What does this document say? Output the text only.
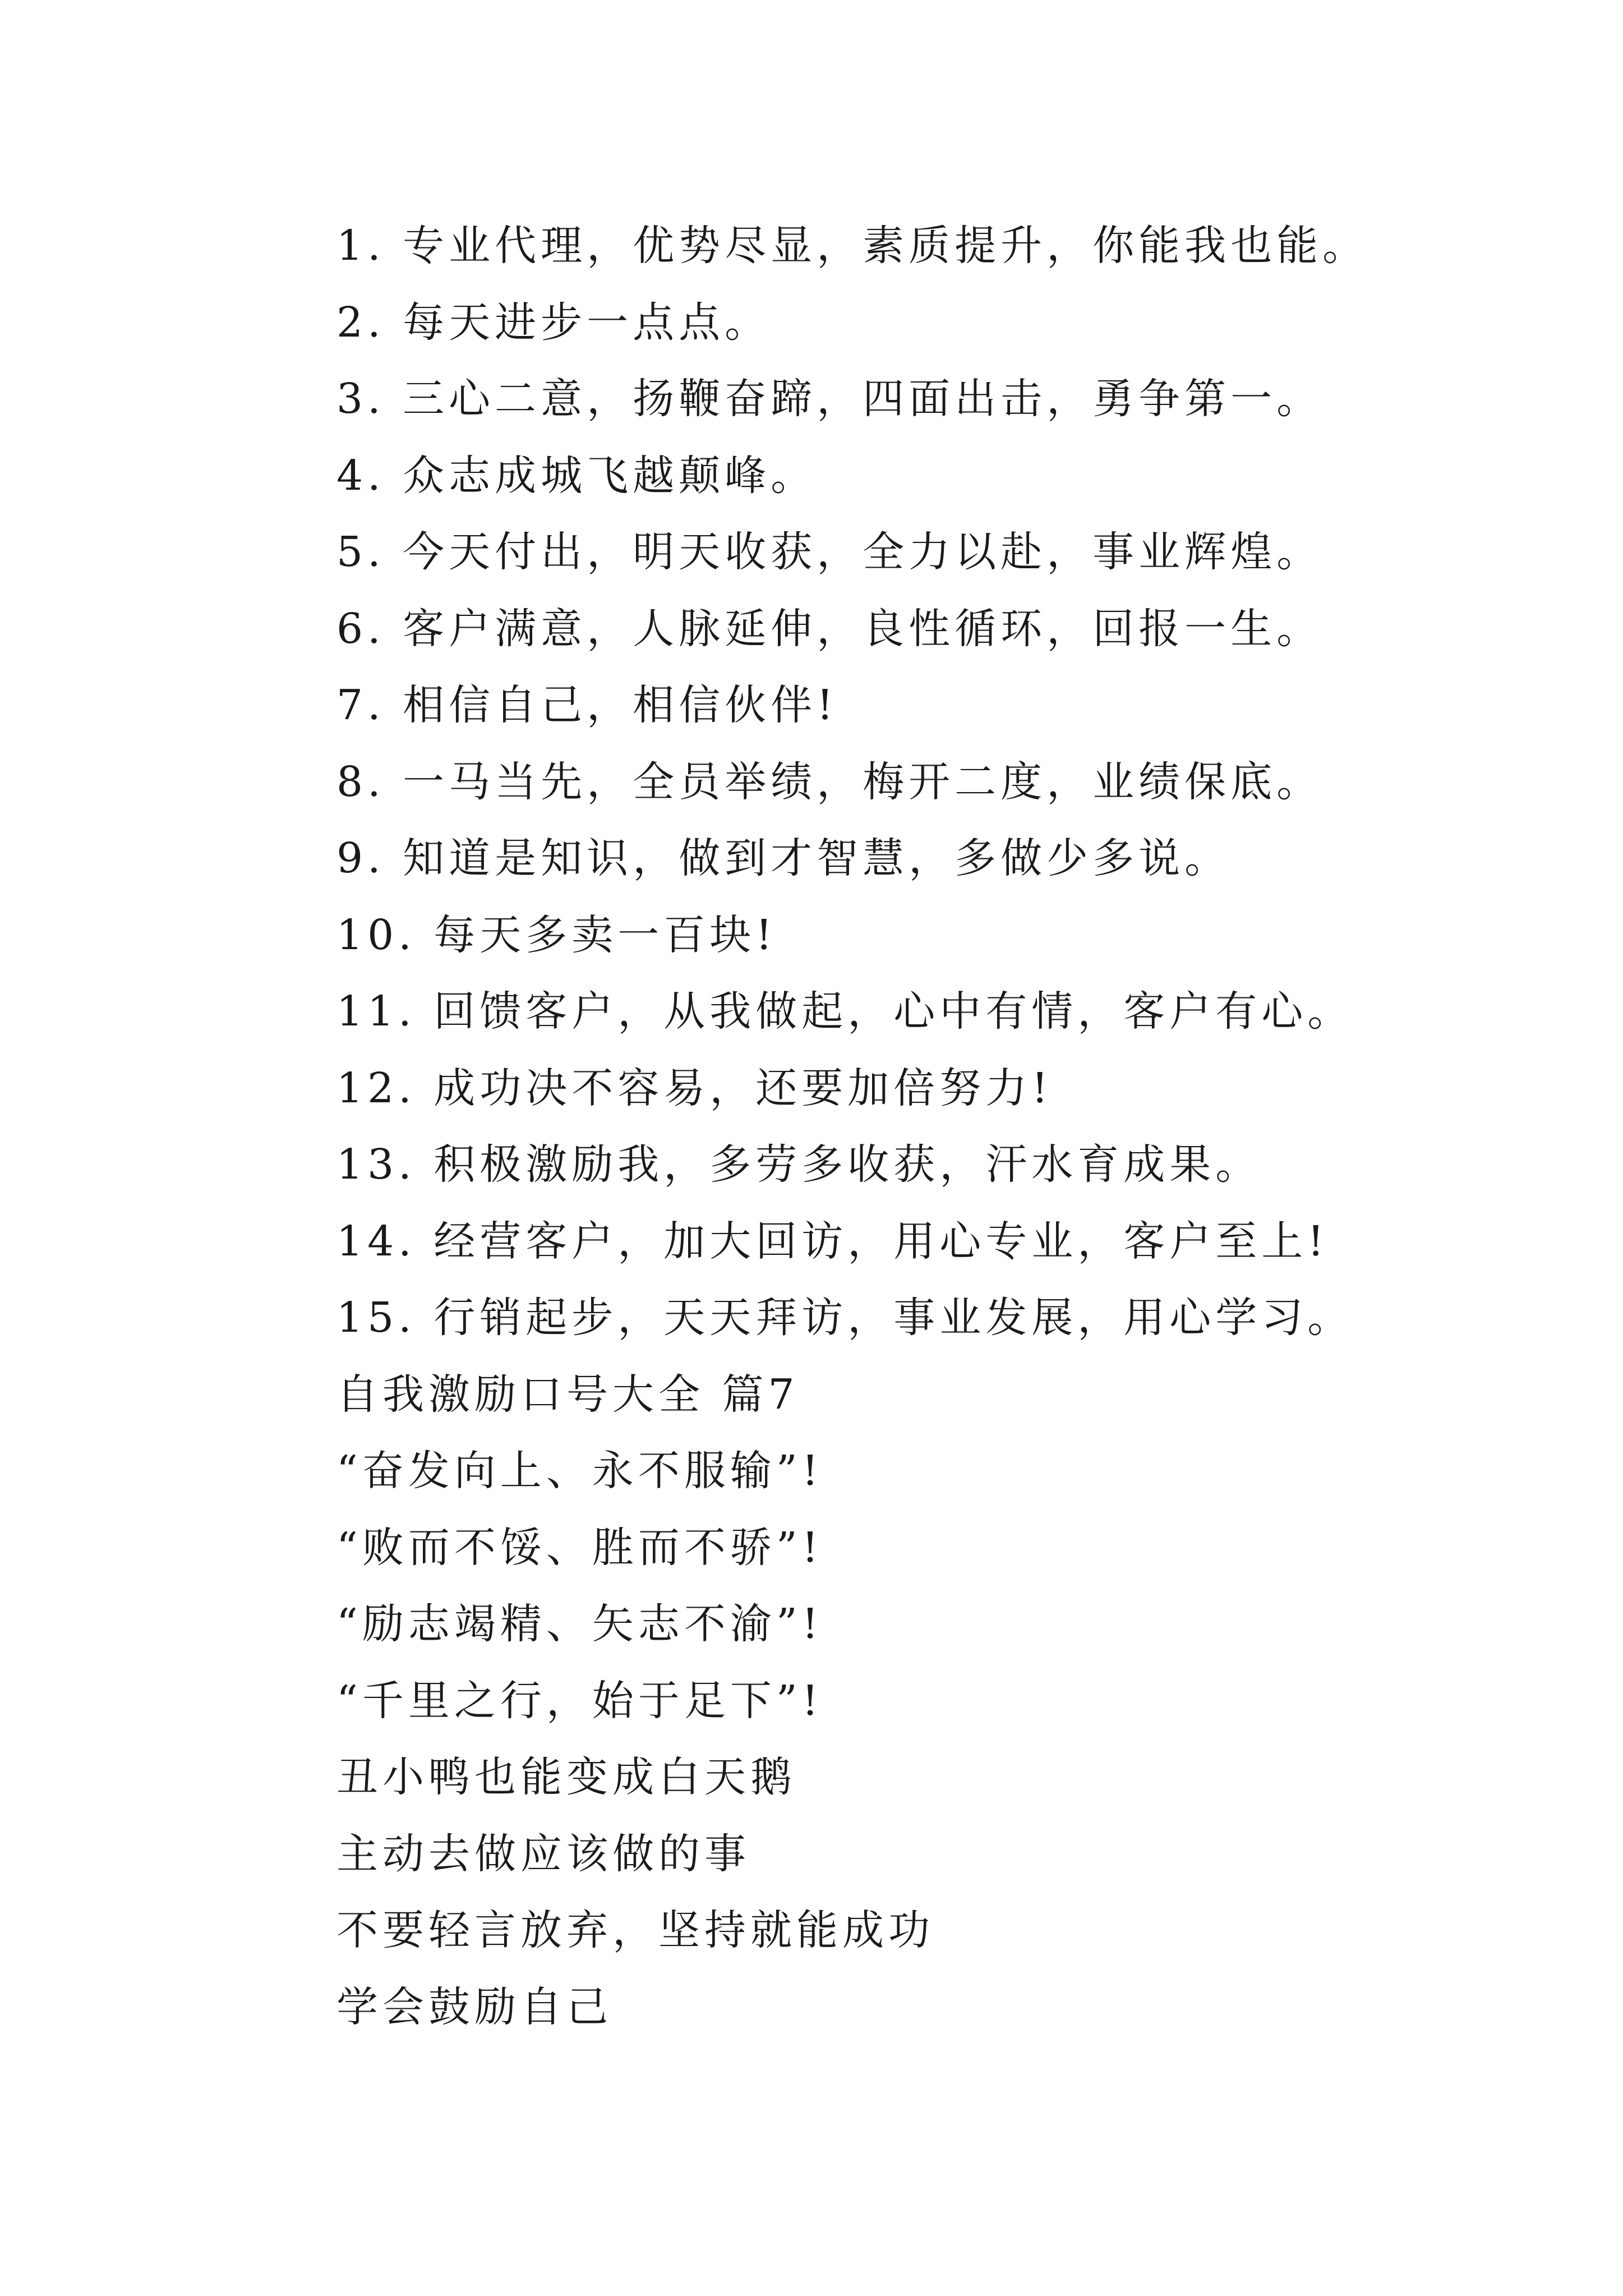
1. 专业代理，优势尽显，素质提升，你能我也能。
2. 每天进步一点点。
3. 三心二意，扬鞭奋蹄，四面出击，勇争第一。
4. 众志成城飞越颠峰。
5. 今天付出，明天收获，全力以赴，事业辉煌。
6. 客户满意，人脉延伸，良性循环，回报一生。
7. 相信自己，相信伙伴!
8. 一马当先，全员举绩，梅开二度，业绩保底。
9. 知道是知识，做到才智慧，多做少多说。
10. 每天多卖一百块!
11. 回馈客户，从我做起，心中有情，客户有心。
12. 成功决不容易，还要加倍努力!
13. 积极激励我，多劳多收获，汗水育成果。
14. 经营客户，加大回访，用心专业，客户至上!
15. 行销起步，天天拜访，事业发展，用心学习。
自我激励口号大全 篇7
“奋发向上、永不服输”!
“败而不馁、胜而不骄”!
“励志竭精、矢志不渝”!
“千里之行，始于足下”!
丑小鸭也能变成白天鹅
主动去做应该做的事
不要轻言放弃，坚持就能成功
学会鼓励自己
